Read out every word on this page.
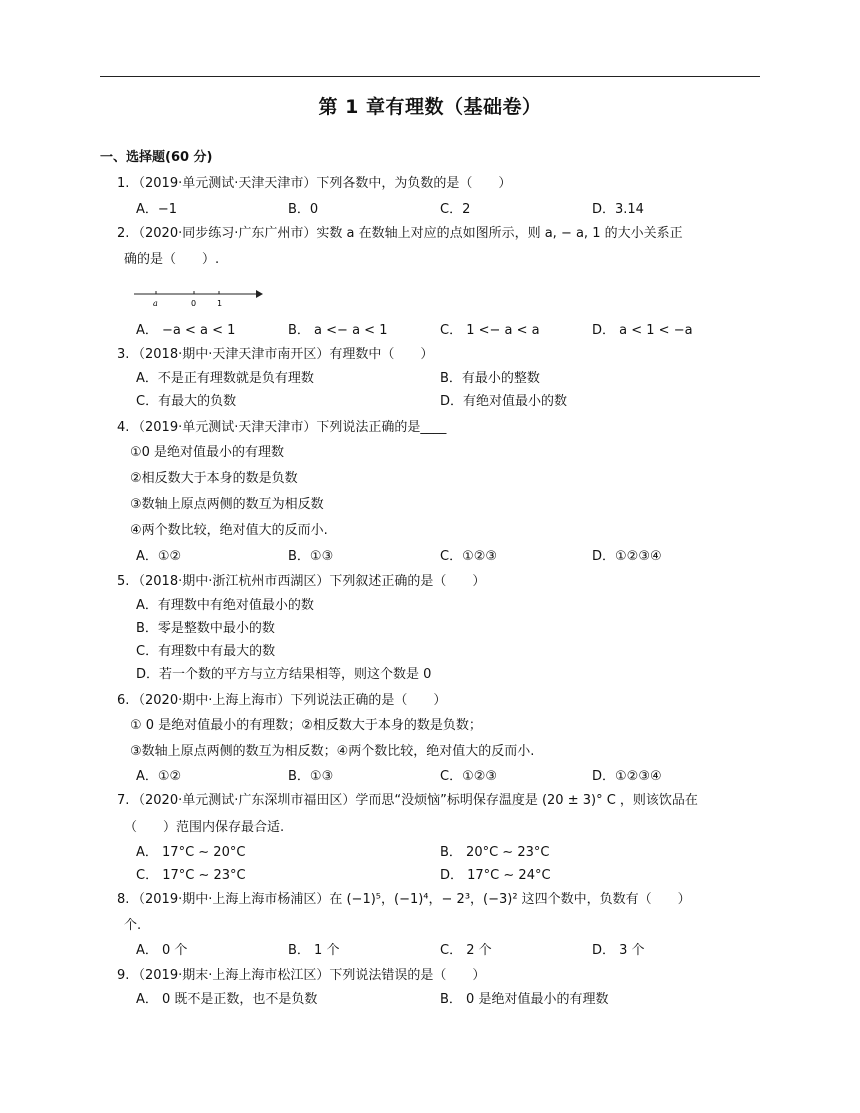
第 1 章有理数（基础卷）
一、选择题(60 分)
1. （2019·单元测试·天津天津市）下列各数中，为负数的是（　　）
A．−1	B．0	C．2	D．3.14
2. （2020·同步练习·广东广州市）实数 a 在数轴上对应的点如图所示，则 a, − a, 1 的大小关系正
确的是（　　）.
a	0	1
A． −a < a < 1	B． a <− a < 1	C． 1 <− a < a	D． a < 1 < −a
3. （2018·期中·天津天津市南开区）有理数中（　　）
A．不是正有理数就是负有理数	B．有最小的整数
C．有最大的负数	D．有绝对值最小的数
4. （2019·单元测试·天津天津市）下列说法正确的是____
①0 是绝对值最小的有理数
②相反数大于本身的数是负数
③数轴上原点两侧的数互为相反数
④两个数比较，绝对值大的反而小.
A．①②	B．①③	C．①②③	D．①②③④
5. （2018·期中·浙江杭州市西湖区）下列叙述正确的是（　　）
A．有理数中有绝对值最小的数
B．零是整数中最小的数
C．有理数中有最大的数
D．若一个数的平方与立方结果相等，则这个数是 0
6. （2020·期中·上海上海市）下列说法正确的是（　　）
① 0 是绝对值最小的有理数；②相反数大于本身的数是负数；
③数轴上原点两侧的数互为相反数；④两个数比较，绝对值大的反而小.
A．①②	B．①③	C．①②③	D．①②③④
7. （2020·单元测试·广东深圳市福田区）学而思“没烦恼”标明保存温度是 (20 ± 3)° C ，则该饮品在
（　　）范围内保存最合适.
A． 17°C ∼ 20°C	B． 20°C ∼ 23°C
C． 17°C ∼ 23°C	D． 17°C ∼ 24°C
8. （2019·期中·上海上海市杨浦区）在 (−1)⁵，(−1)⁴，− 2³，(−3)² 这四个数中，负数有（　　）
个.
A． 0 个	B． 1 个	C． 2 个	D． 3 个
9. （2019·期末·上海上海市松江区）下列说法错误的是（　　）
A． 0 既不是正数，也不是负数	B． 0 是绝对值最小的有理数
